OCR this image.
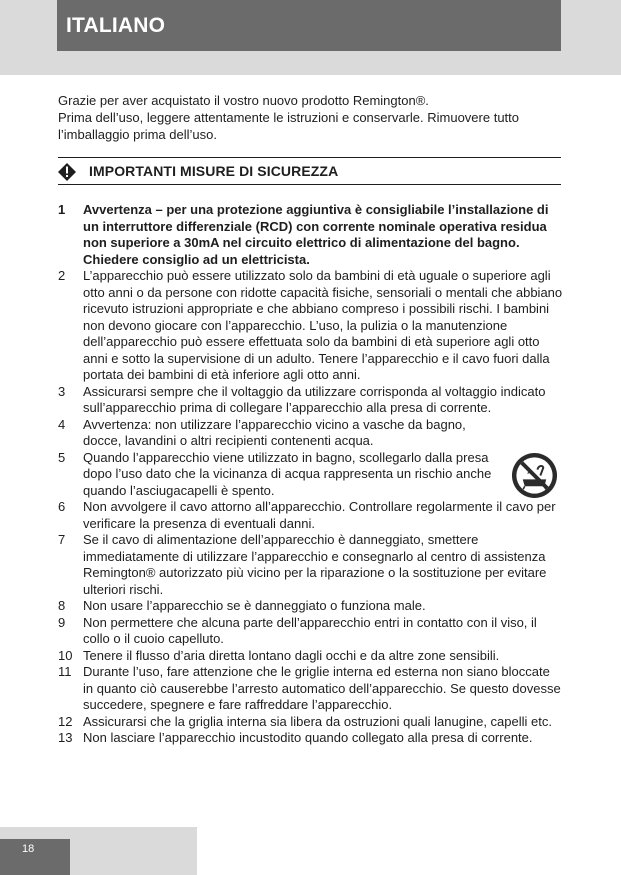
ITALIANO

Grazie per aver acquistato il vostro nuovo prodotto Remington®.
Prima dell’uso, leggere attentamente le istruzioni e conservarle. Rimuovere tutto l’imballaggio prima dell’uso.

IMPORTANTI MISURE DI SICUREZZA
1 Avvertenza – per una protezione aggiuntiva è consigliabile l’installazione di un interruttore differenziale (RCD) con corrente nominale operativa residua non superiore a 30mA nel circuito elettrico di alimentazione del bagno. Chiedere consiglio ad un elettricista.
2 L’apparecchio può essere utilizzato solo da bambini di età uguale o superiore agli otto anni o da persone con ridotte capacità fisiche, sensoriali o mentali che abbiano ricevuto istruzioni appropriate e che abbiano compreso i possibili rischi. I bambini non devono giocare con l’apparecchio. L’uso, la pulizia o la manutenzione dell’apparecchio può essere effettuata solo da bambini di età superiore agli otto anni e sotto la supervisione di un adulto. Tenere l’apparecchio e il cavo fuori dalla portata dei bambini di età inferiore agli otto anni.
3 Assicurarsi sempre che il voltaggio da utilizzare corrisponda al voltaggio indicato sull’apparecchio prima di collegare l’apparecchio alla presa di corrente.
4 Avvertenza: non utilizzare l’apparecchio vicino a vasche da bagno, docce, lavandini o altri recipienti contenenti acqua.
5 Quando l’apparecchio viene utilizzato in bagno, scollegarlo dalla presa dopo l’uso dato che la vicinanza di acqua rappresenta un rischio anche quando l’asciugacapelli è spento.
6 Non avvolgere il cavo attorno all’apparecchio. Controllare regolarmente il cavo per verificare la presenza di eventuali danni.
7 Se il cavo di alimentazione dell’apparecchio è danneggiato, smettere immediatamente di utilizzare l’apparecchio e consegnarlo al centro di assistenza Remington® autorizzato più vicino per la riparazione o la sostituzione per evitare ulteriori rischi.
8 Non usare l’apparecchio se è danneggiato o funziona male.
9 Non permettere che alcuna parte dell’apparecchio entri in contatto con il viso, il collo o il cuoio capelluto.
10 Tenere il flusso d’aria diretta lontano dagli occhi e da altre zone sensibili.
11 Durante l’uso, fare attenzione che le griglie interna ed esterna non siano bloccate in quanto ciò causerebbe l’arresto automatico dell’apparecchio. Se questo dovesse succedere, spegnere e fare raffreddare l’apparecchio.
12 Assicurarsi che la griglia interna sia libera da ostruzioni quali lanugine, capelli etc.
13 Non lasciare l’apparecchio incustodito quando collegato alla presa di corrente.
18
